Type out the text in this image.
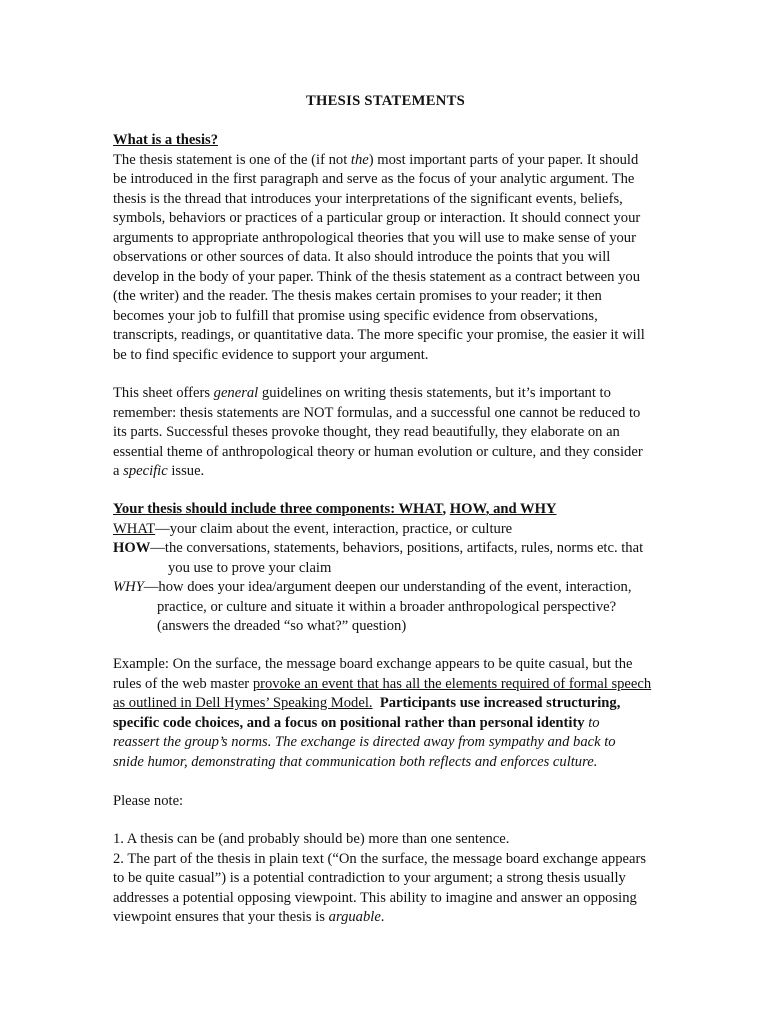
THESIS STATEMENTS
What is a thesis?
The thesis statement is one of the (if not the) most important parts of your paper. It should
be introduced in the first paragraph and serve as the focus of your analytic argument. The
thesis is the thread that introduces your interpretations of the significant events, beliefs,
symbols, behaviors or practices of a particular group or interaction. It should connect your
arguments to appropriate anthropological theories that you will use to make sense of your
observations or other sources of data. It also should introduce the points that you will
develop in the body of your paper. Think of the thesis statement as a contract between you
(the writer) and the reader. The thesis makes certain promises to your reader; it then
becomes your job to fulfill that promise using specific evidence from observations,
transcripts, readings, or quantitative data. The more specific your promise, the easier it will
be to find specific evidence to support your argument.
This sheet offers general guidelines on writing thesis statements, but it’s important to
remember: thesis statements are NOT formulas, and a successful one cannot be reduced to
its parts. Successful theses provoke thought, they read beautifully, they elaborate on an
essential theme of anthropological theory or human evolution or culture, and they consider
a specific issue.
Your thesis should include three components: WHAT, HOW, and WHY
WHAT—your claim about the event, interaction, practice, or culture
HOW—the conversations, statements, behaviors, positions, artifacts, rules, norms etc. that
you use to prove your claim
WHY—how does your idea/argument deepen our understanding of the event, interaction,
practice, or culture and situate it within a broader anthropological perspective?
(answers the dreaded “so what?” question)
Example: On the surface, the message board exchange appears to be quite casual, but the
rules of the web master provoke an event that has all the elements required of formal speech
as outlined in Dell Hymes’ Speaking Model. Participants use increased structuring,
specific code choices, and a focus on positional rather than personal identity to
reassert the group’s norms. The exchange is directed away from sympathy and back to
snide humor, demonstrating that communication both reflects and enforces culture.
Please note:
1. A thesis can be (and probably should be) more than one sentence.
2. The part of the thesis in plain text (“On the surface, the message board exchange appears
to be quite casual”) is a potential contradiction to your argument; a strong thesis usually
addresses a potential opposing viewpoint. This ability to imagine and answer an opposing
viewpoint ensures that your thesis is arguable.
